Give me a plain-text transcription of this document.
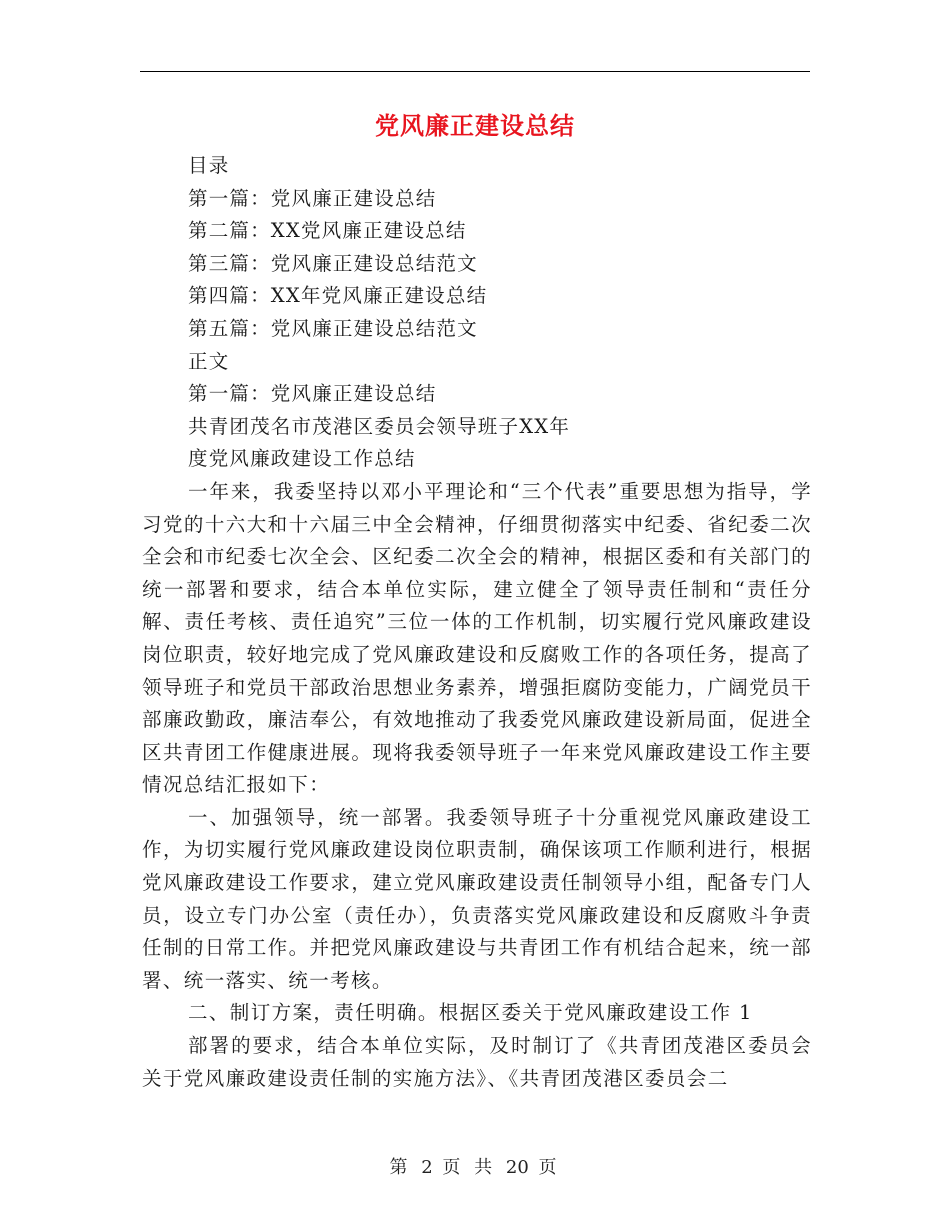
党风廉正建设总结
目录
第一篇：党风廉正建设总结
第二篇：XX党风廉正建设总结
第三篇：党风廉正建设总结范文
第四篇：XX年党风廉正建设总结
第五篇：党风廉正建设总结范文
正文
第一篇：党风廉正建设总结
共青团茂名市茂港区委员会领导班子XX年
度党风廉政建设工作总结

一年来，我委坚持以邓小平理论和“三个代表”重要思想为指导，学习党的十六大和十六届三中全会精神，仔细贯彻落实中纪委、省纪委二次全会和市纪委七次全会、区纪委二次全会的精神，根据区委和有关部门的统一部署和要求，结合本单位实际，建立健全了领导责任制和“责任分解、责任考核、责任追究”三位一体的工作机制，切实履行党风廉政建设岗位职责，较好地完成了党风廉政建设和反腐败工作的各项任务，提高了领导班子和党员干部政治思想业务素养，增强拒腐防变能力，广阔党员干部廉政勤政，廉洁奉公，有效地推动了我委党风廉政建设新局面，促进全区共青团工作健康进展。现将我委领导班子一年来党风廉政建设工作主要情况总结汇报如下：

一、加强领导，统一部署。我委领导班子十分重视党风廉政建设工作，为切实履行党风廉政建设岗位职责制，确保该项工作顺利进行，根据党风廉政建设工作要求，建立党风廉政建设责任制领导小组，配备专门人员，设立专门办公室（责任办），负责落实党风廉政建设和反腐败斗争责任制的日常工作。并把党风廉政建设与共青团工作有机结合起来，统一部署、统一落实、统一考核。

二、制订方案，责任明确。根据区委关于党风廉政建设工作 1

部署的要求，结合本单位实际，及时制订了《共青团茂港区委员会关于党风廉政建设责任制的实施方法》、《共青团茂港区委员会二

第 2 页 共 20 页
